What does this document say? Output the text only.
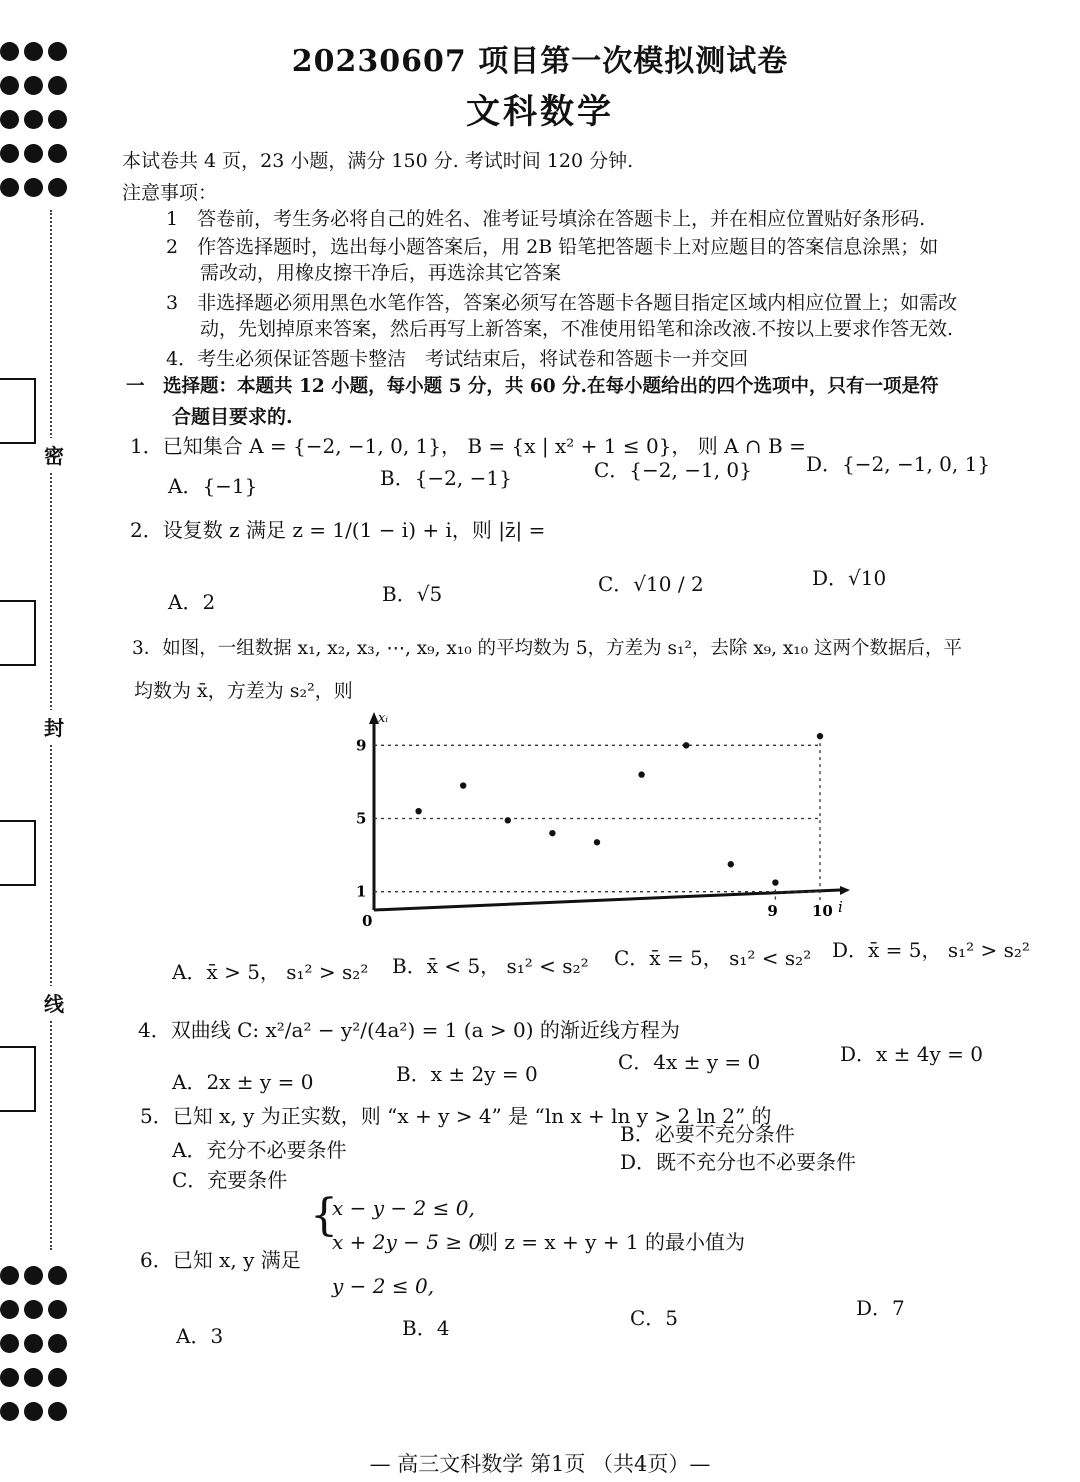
密
封
线
20230607 项目第一次模拟测试卷
文科数学
本试卷共 4 页，23 小题，满分 150 分. 考试时间 120 分钟.
注意事项：
1　答卷前，考生务必将自己的姓名、准考证号填涂在答题卡上，并在相应位置贴好条形码.
2　作答选择题时，选出每小题答案后，用 2B 铅笔把答题卡上对应题目的答案信息涂黑；如
需改动，用橡皮擦干净后，再选涂其它答案
3　非选择题必须用黑色水笔作答，答案必须写在答题卡各题目指定区域内相应位置上；如需改
动，先划掉原来答案，然后再写上新答案，不准使用铅笔和涂改液.不按以上要求作答无效.
4．考生必须保证答题卡整洁　考试结束后，将试卷和答题卡一并交回
一　选择题：本题共 12 小题，每小题 5 分，共 60 分.在每小题给出的四个选项中，只有一项是符
合题目要求的.
1．已知集合 A = {−2, −1, 0, 1}， B = {x | x² + 1 ≤ 0}， 则 A ∩ B =
A．{−1}	B．{−2, −1}	C．{−2, −1, 0}	D．{−2, −1, 0, 1}
2．设复数 z 满足 z = 1/(1 − i) + i，则 |z̄| =
A．2	B．√5	C．√10 / 2	D．√10
3．如图，一组数据 x₁, x₂, x₃, ⋯, x₉, x₁₀ 的平均数为 5，方差为 s₁²，去除 x₉, x₁₀ 这两个数据后，平
均数为 x̄，方差为 s₂²，则
xᵢ
i
0
9 10
1
5
9
A．x̄ > 5， s₁² > s₂² B．x̄ < 5， s₁² < s₂² C．x̄ = 5， s₁² < s₂² D．x̄ = 5， s₁² > s₂²
4．双曲线 C: x²/a² − y²/(4a²) = 1 (a > 0) 的渐近线方程为
A．2x ± y = 0	B．x ± 2y = 0	C．4x ± y = 0	D．x ± 4y = 0
5．已知 x, y 为正实数，则 “x + y > 4” 是 “ln x + ln y > 2 ln 2” 的
A．充分不必要条件
B．必要不充分条件
C．充要条件
D．既不充分也不必要条件
6．已知 x, y 满足
{
x − y − 2 ≤ 0,
x + 2y − 5 ≥ 0,
y − 2 ≤ 0,
则 z = x + y + 1 的最小值为
A．3	B．4	C．5	D．7
— 高三文科数学 第1页 （共4页）—
